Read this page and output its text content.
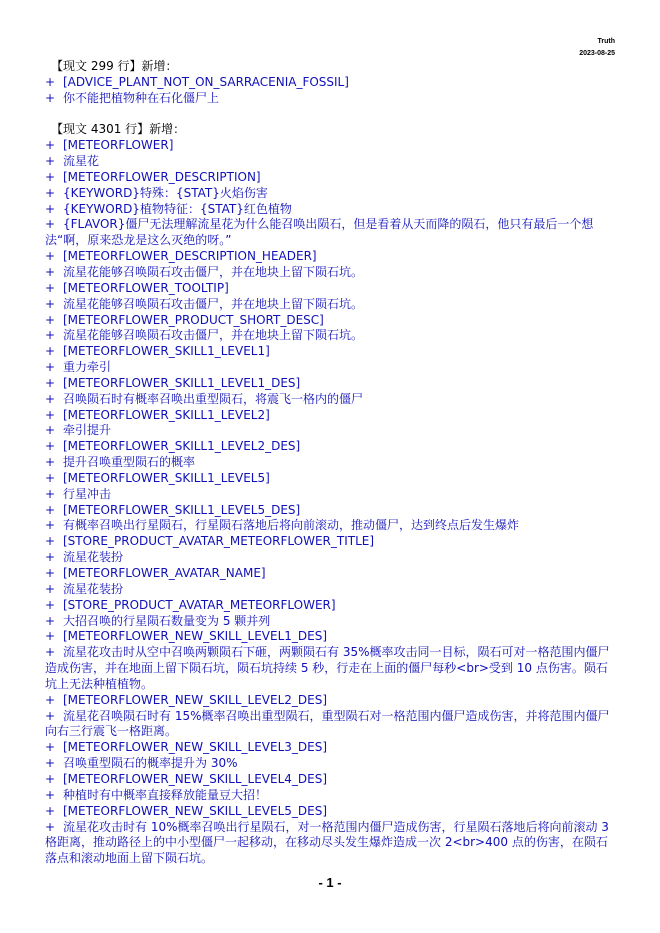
Truth
2023-08-25
【现文 299 行】新增：
+ [ADVICE_PLANT_NOT_ON_SARRACENIA_FOSSIL]
+ 你不能把植物种在石化僵尸上
【现文 4301 行】新增：
+ [METEORFLOWER]
+ 流星花
+ [METEORFLOWER_DESCRIPTION]
+ {KEYWORD}特殊：{STAT}火焰伤害
+ {KEYWORD}植物特征：{STAT}红色植物
+ {FLAVOR}僵尸无法理解流星花为什么能召唤出陨石，但是看着从天而降的陨石，他只有最后一个想法“啊，原来恐龙是这么灭绝的呀。”
+ [METEORFLOWER_DESCRIPTION_HEADER]
+ 流星花能够召唤陨石攻击僵尸，并在地块上留下陨石坑。
+ [METEORFLOWER_TOOLTIP]
+ 流星花能够召唤陨石攻击僵尸，并在地块上留下陨石坑。
+ [METEORFLOWER_PRODUCT_SHORT_DESC]
+ 流星花能够召唤陨石攻击僵尸，并在地块上留下陨石坑。
+ [METEORFLOWER_SKILL1_LEVEL1]
+ 重力牵引
+ [METEORFLOWER_SKILL1_LEVEL1_DES]
+ 召唤陨石时有概率召唤出重型陨石，将震飞一格内的僵尸
+ [METEORFLOWER_SKILL1_LEVEL2]
+ 牵引提升
+ [METEORFLOWER_SKILL1_LEVEL2_DES]
+ 提升召唤重型陨石的概率
+ [METEORFLOWER_SKILL1_LEVEL5]
+ 行星冲击
+ [METEORFLOWER_SKILL1_LEVEL5_DES]
+ 有概率召唤出行星陨石，行星陨石落地后将向前滚动，推动僵尸，达到终点后发生爆炸
+ [STORE_PRODUCT_AVATAR_METEORFLOWER_TITLE]
+ 流星花装扮
+ [METEORFLOWER_AVATAR_NAME]
+ 流星花装扮
+ [STORE_PRODUCT_AVATAR_METEORFLOWER]
+ 大招召唤的行星陨石数量变为 5 颗并列
+ [METEORFLOWER_NEW_SKILL_LEVEL1_DES]
+ 流星花攻击时从空中召唤两颗陨石下砸，两颗陨石有 35%概率攻击同一目标，陨石可对一格范围内僵尸造成伤害，并在地面上留下陨石坑，陨石坑持续 5 秒，行走在上面的僵尸每秒<br>受到 10 点伤害。陨石坑上无法种植植物。
+ [METEORFLOWER_NEW_SKILL_LEVEL2_DES]
+ 流星花召唤陨石时有 15%概率召唤出重型陨石，重型陨石对一格范围内僵尸造成伤害，并将范围内僵尸向右三行震飞一格距离。
+ [METEORFLOWER_NEW_SKILL_LEVEL3_DES]
+ 召唤重型陨石的概率提升为 30%
+ [METEORFLOWER_NEW_SKILL_LEVEL4_DES]
+ 种植时有中概率直接释放能量豆大招！
+ [METEORFLOWER_NEW_SKILL_LEVEL5_DES]
+ 流星花攻击时有 10%概率召唤出行星陨石，对一格范围内僵尸造成伤害，行星陨石落地后将向前滚动 3 格距离，推动路径上的中小型僵尸一起移动，在移动尽头发生爆炸造成一次 2<br>400 点的伤害，在陨石落点和滚动地面上留下陨石坑。
- 1 -
